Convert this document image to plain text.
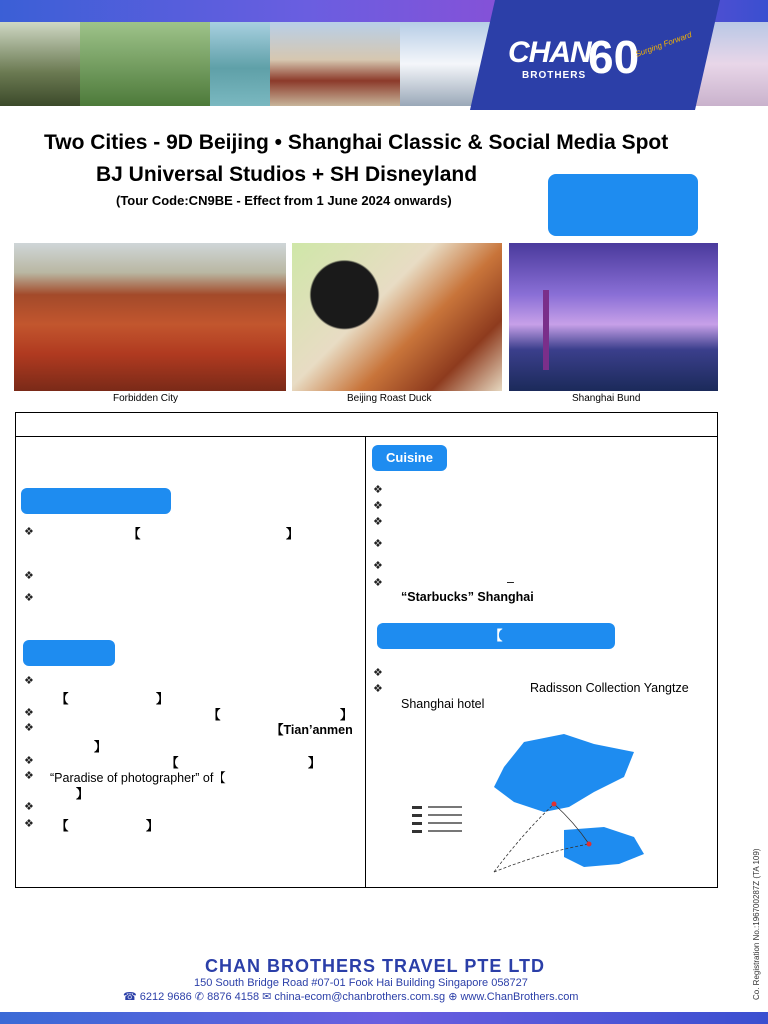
CHAN
BROTHERS 60
Surging Forward
Two Cities - 9D Beijing • Shanghai Classic & Social Media Spot
BJ Universal Studios + SH Disneyland
(Tour Code:CN9BE - Effect from 1 June 2024 onwards)
Forbidden City	Beijing Roast Duck	Shanghai Bund
Cuisine
❖
❖
❖
❖
❖
❖	–
“Starbucks” Shanghai
【
❖
❖	Radisson Collection Yangtze
Shanghai hotel
❖	【	】
❖
❖
❖
【	】
❖	【	】
❖	【Tian’anmen
】
❖	【	】
❖ “Paradise of photographer” of【
】
❖
❖ 【	】
CHAN BROTHERS TRAVEL PTE LTD
150 South Bridge Road #07-01 Fook Hai Building Singapore 058727
☎ 6212 9686 ✆ 8876 4158 ✉ china-ecom@chanbrothers.com.sg ⊕ www.ChanBrothers.com	Co. Registration No.:196700287Z (TA 109)
